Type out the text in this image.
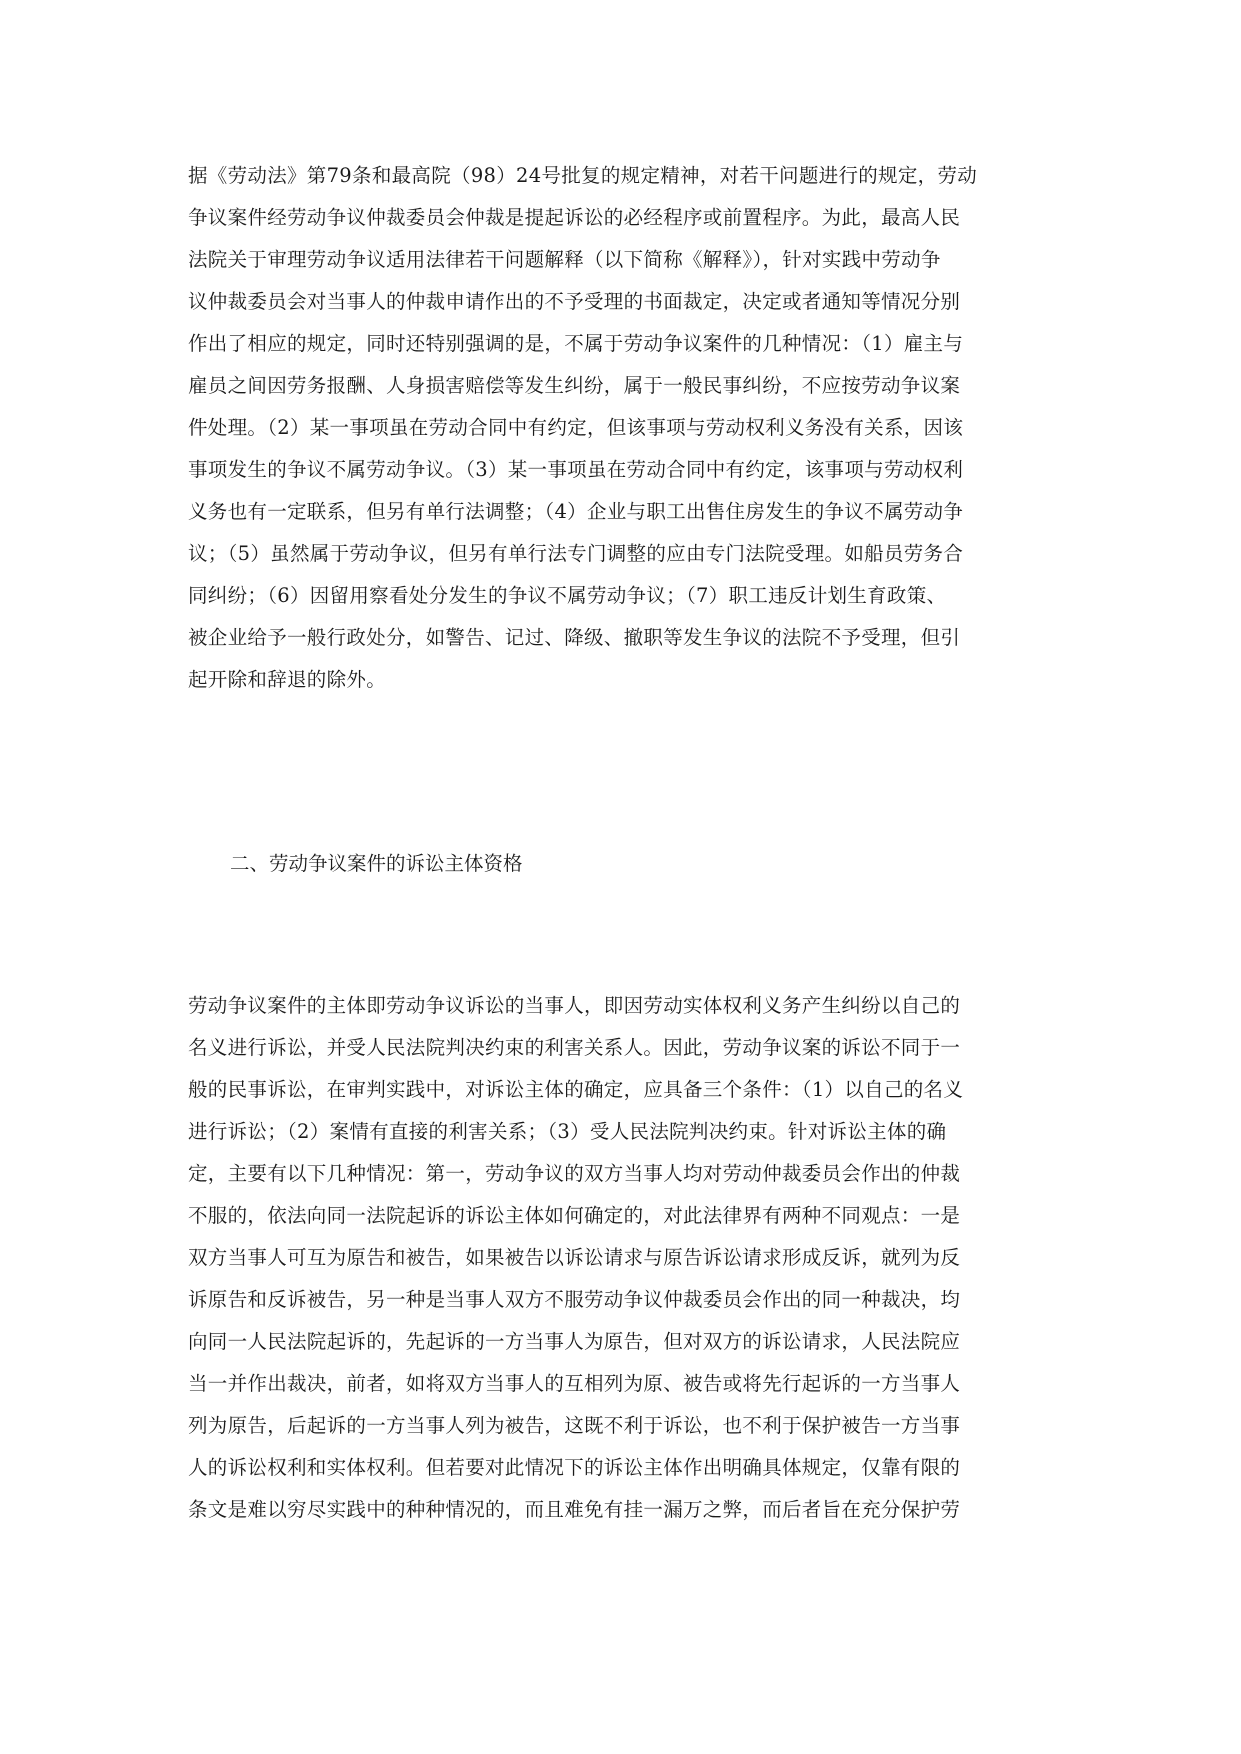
据《劳动法》第79条和最高院（98）24号批复的规定精神，对若干问题进行的规定，劳动
争议案件经劳动争议仲裁委员会仲裁是提起诉讼的必经程序或前置程序。为此，最高人民
法院关于审理劳动争议适用法律若干问题解释（以下简称《解释》），针对实践中劳动争
议仲裁委员会对当事人的仲裁申请作出的不予受理的书面裁定，决定或者通知等情况分别
作出了相应的规定，同时还特别强调的是，不属于劳动争议案件的几种情况：（1）雇主与
雇员之间因劳务报酬、人身损害赔偿等发生纠纷，属于一般民事纠纷，不应按劳动争议案
件处理。（2）某一事项虽在劳动合同中有约定，但该事项与劳动权利义务没有关系，因该
事项发生的争议不属劳动争议。（3）某一事项虽在劳动合同中有约定，该事项与劳动权利
义务也有一定联系，但另有单行法调整；（4）企业与职工出售住房发生的争议不属劳动争
议；（5）虽然属于劳动争议，但另有单行法专门调整的应由专门法院受理。如船员劳务合
同纠纷；（6）因留用察看处分发生的争议不属劳动争议；（7）职工违反计划生育政策、
被企业给予一般行政处分，如警告、记过、降级、撤职等发生争议的法院不予受理，但引
起开除和辞退的除外。
二、劳动争议案件的诉讼主体资格
劳动争议案件的主体即劳动争议诉讼的当事人，即因劳动实体权利义务产生纠纷以自己的
名义进行诉讼，并受人民法院判决约束的利害关系人。因此，劳动争议案的诉讼不同于一
般的民事诉讼，在审判实践中，对诉讼主体的确定，应具备三个条件：（1）以自己的名义
进行诉讼；（2）案情有直接的利害关系；（3）受人民法院判决约束。针对诉讼主体的确
定，主要有以下几种情况：第一，劳动争议的双方当事人均对劳动仲裁委员会作出的仲裁
不服的，依法向同一法院起诉的诉讼主体如何确定的，对此法律界有两种不同观点：一是
双方当事人可互为原告和被告，如果被告以诉讼请求与原告诉讼请求形成反诉，就列为反
诉原告和反诉被告，另一种是当事人双方不服劳动争议仲裁委员会作出的同一种裁决，均
向同一人民法院起诉的，先起诉的一方当事人为原告，但对双方的诉讼请求，人民法院应
当一并作出裁决，前者，如将双方当事人的互相列为原、被告或将先行起诉的一方当事人
列为原告，后起诉的一方当事人列为被告，这既不利于诉讼，也不利于保护被告一方当事
人的诉讼权利和实体权利。但若要对此情况下的诉讼主体作出明确具体规定，仅靠有限的
条文是难以穷尽实践中的种种情况的，而且难免有挂一漏万之弊，而后者旨在充分保护劳
